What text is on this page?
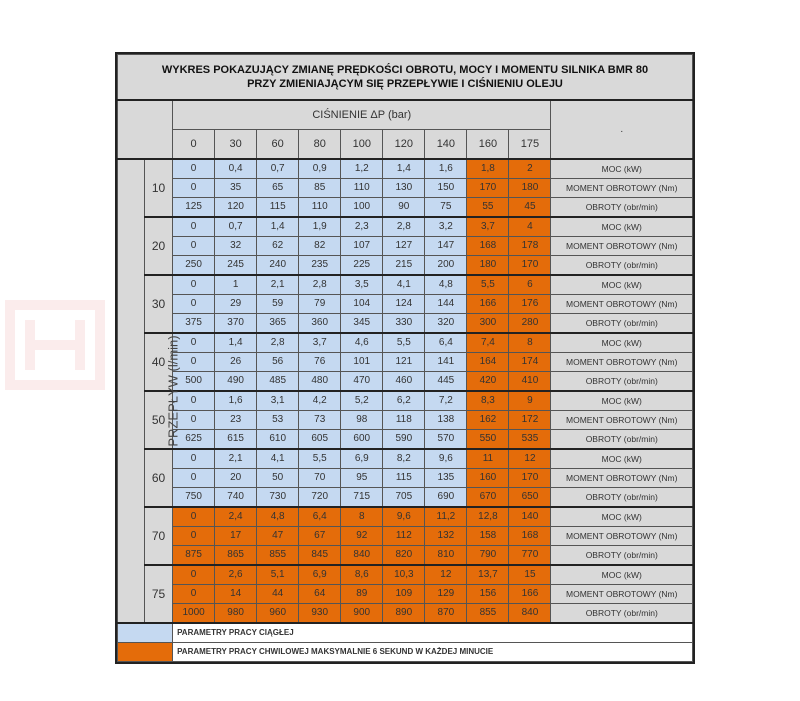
WYKRES POKAZUJĄCY ZMIANĘ PRĘDKOŚCI OBROTU, MOCY I MOMENTU SILNIKA BMR 80
PRZY ZMIENIAJĄCYM SIĘ PRZEPŁYWIE I CIŚNIENIU OLEJU											

		CIŚNIENIE ΔP (bar)									.
		0	30	60	80	100	120	140	160	175	
PRZEPŁYW (l/min)	10	0	0,4	0,7	0,9	1,2	1,4	1,6	1,8	2	MOC (kW)
		0	35	65	85	110	130	150	170	180	MOMENT OBROTOWY (Nm)
		125	120	115	110	100	90	75	55	45	OBROTY (obr/min)
	20	0	0,7	1,4	1,9	2,3	2,8	3,2	3,7	4	MOC (kW)
		0	32	62	82	107	127	147	168	178	MOMENT OBROTOWY (Nm)
		250	245	240	235	225	215	200	180	170	OBROTY (obr/min)
	30	0	1	2,1	2,8	3,5	4,1	4,8	5,5	6	MOC (kW)
		0	29	59	79	104	124	144	166	176	MOMENT OBROTOWY (Nm)
		375	370	365	360	345	330	320	300	280	OBROTY (obr/min)
	40	0	1,4	2,8	3,7	4,6	5,5	6,4	7,4	8	MOC (kW)
		0	26	56	76	101	121	141	164	174	MOMENT OBROTOWY (Nm)
		500	490	485	480	470	460	445	420	410	OBROTY (obr/min)
	50	0	1,6	3,1	4,2	5,2	6,2	7,2	8,3	9	MOC (kW)
		0	23	53	73	98	118	138	162	172	MOMENT OBROTOWY (Nm)
		625	615	610	605	600	590	570	550	535	OBROTY (obr/min)
	60	0	2,1	4,1	5,5	6,9	8,2	9,6	11	12	MOC (kW)
		0	20	50	70	95	115	135	160	170	MOMENT OBROTOWY (Nm)
		750	740	730	720	715	705	690	670	650	OBROTY (obr/min)
	70	0	2,4	4,8	6,4	8	9,6	11,2	12,8	140	MOC (kW)
		0	17	47	67	92	112	132	158	168	MOMENT OBROTOWY (Nm)
		875	865	855	845	840	820	810	790	770	OBROTY (obr/min)
	75	0	2,6	5,1	6,9	8,6	10,3	12	13,7	15	MOC (kW)
		0	14	44	64	89	109	129	156	166	MOMENT OBROTOWY (Nm)
		1000	980	960	930	900	890	870	855	840	OBROTY (obr/min)
		PARAMETRY PRACY CIĄGŁEJ									
		PARAMETRY PRACY CHWILOWEJ MAKSYMALNIE 6 SEKUND W KAŻDEJ MINUCIE									
